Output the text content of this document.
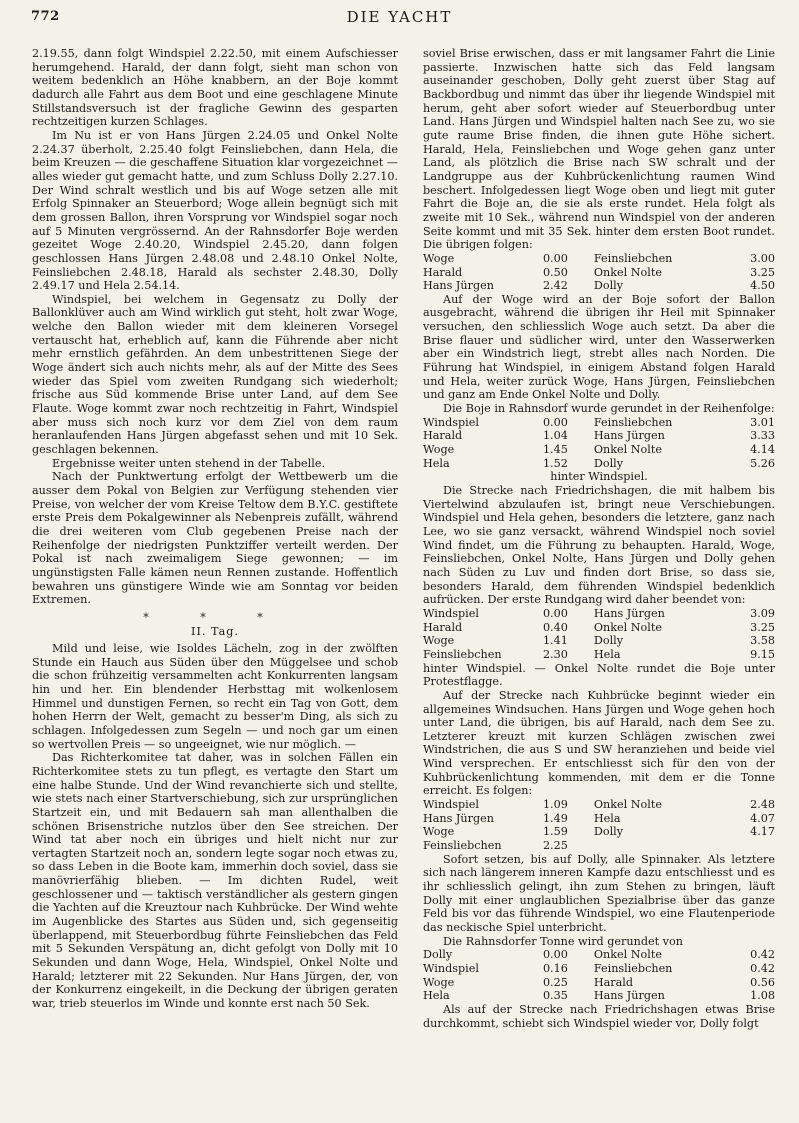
772	DIE YACHT

2.19.55, dann folgt Windspiel 2.22.50, mit einem Aufschiesser herumgehend. Harald, der dann folgt, sieht man schon von weitem bedenklich an Höhe knabbern, an der Boje kommt dadurch alle Fahrt aus dem Boot und eine geschlagene Minute Stillstandsversuch ist der fragliche Gewinn des gesparten rechtzeitigen kurzen Schlages.

Im Nu ist er von Hans Jürgen 2.24.05 und Onkel Nolte 2.24.37 überholt, 2.25.40 folgt Feinsliebchen, dann Hela, die beim Kreuzen — die geschaffene Situation klar vorgezeichnet — alles wieder gut gemacht hatte, und zum Schluss Dolly 2.27.10. Der Wind schralt westlich und bis auf Woge setzen alle mit Erfolg Spinnaker an Steuerbord; Woge allein begnügt sich mit dem grossen Ballon, ihren Vorsprung vor Windspiel sogar noch auf 5 Minuten vergrössernd. An der Rahnsdorfer Boje werden gezeitet Woge 2.40.20, Windspiel 2.45.20, dann folgen geschlossen Hans Jürgen 2.48.08 und 2.48.10 Onkel Nolte, Feinsliebchen 2.48.18, Harald als sechster 2.48.30, Dolly 2.49.17 und Hela 2.54.14.

Windspiel, bei welchem in Gegensatz zu Dolly der Ballonklüver auch am Wind wirklich gut steht, holt zwar Woge, welche den Ballon wieder mit dem kleineren Vorsegel vertauscht hat, erheblich auf, kann die Führende aber nicht mehr ernstlich gefährden. An dem unbestrittenen Siege der Woge ändert sich auch nichts mehr, als auf der Mitte des Sees wieder das Spiel vom zweiten Rundgang sich wiederholt; frische aus Süd kommende Brise unter Land, auf dem See Flaute. Woge kommt zwar noch rechtzeitig in Fahrt, Windspiel aber muss sich noch kurz vor dem Ziel von dem raum heranlaufenden Hans Jürgen abgefasst sehen und mit 10 Sek. geschlagen bekennen.

Ergebnisse weiter unten stehend in der Tabelle.

Nach der Punktwertung erfolgt der Wettbewerb um die ausser dem Pokal von Belgien zur Verfügung stehenden vier Preise, von welcher der vom Kreise Teltow dem B.Y.C. gestiftete erste Preis dem Pokalgewinner als Nebenpreis zufällt, während die drei weiteren vom Club gegebenen Preise nach der Reihenfolge der niedrigsten Punktziffer verteilt werden. Der Pokal ist nach zweimaligem Siege gewonnen; — im ungünstigsten Falle kämen neun Rennen zustande. Hoffentlich bewahren uns günstigere Winde wie am Sonntag vor beiden Extremen.

* * *
II. Tag.

Mild und leise, wie Isoldes Lächeln, zog in der zwölften Stunde ein Hauch aus Süden über den Müggelsee und schob die schon frühzeitig versammelten acht Konkurrenten langsam hin und her. Ein blendender Herbsttag mit wolkenlosem Himmel und dunstigen Fernen, so recht ein Tag von Gott, dem hohen Herrn der Welt, gemacht zu besser'm Ding, als sich zu schlagen. Infolgedessen zum Segeln — und noch gar um einen so wertvollen Preis — so ungeeignet, wie nur möglich. —

Das Richterkomitee tat daher, was in solchen Fällen ein Richterkomitee stets zu tun pflegt, es vertagte den Start um eine halbe Stunde. Und der Wind revanchierte sich und stellte, wie stets nach einer Startverschiebung, sich zur ursprünglichen Startzeit ein, und mit Bedauern sah man allenthalben die schönen Brisenstriche nutzlos über den See streichen. Der Wind tat aber noch ein übriges und hielt nicht nur zur vertagten Startzeit noch an, sondern legte sogar noch etwas zu, so dass Leben in die Boote kam, immerhin doch soviel, dass sie manövrierfähig blieben. — Im dichten Rudel, weit geschlossener und — taktisch verständlicher als gestern gingen die Yachten auf die Kreuztour nach Kuhbrücke. Der Wind wehte im Augenblicke des Startes aus Süden und, sich gegenseitig überlappend, mit Steuerbordbug führte Feinsliebchen das Feld mit 5 Sekunden Verspätung an, dicht gefolgt von Dolly mit 10 Sekunden und dann Woge, Hela, Windspiel, Onkel Nolte und Harald; letzterer mit 22 Sekunden. Nur Hans Jürgen, der, von der Konkurrenz eingekeilt, in die Deckung der übrigen geraten war, trieb steuerlos im Winde und konnte erst nach 50 Sek.

soviel Brise erwischen, dass er mit langsamer Fahrt die Linie passierte. Inzwischen hatte sich das Feld langsam auseinander geschoben, Dolly geht zuerst über Stag auf Backbordbug und nimmt das über ihr liegende Windspiel mit herum, geht aber sofort wieder auf Steuerbordbug unter Land. Hans Jürgen und Windspiel halten nach See zu, wo sie gute raume Brise finden, die ihnen gute Höhe sichert. Harald, Hela, Feinsliebchen und Woge gehen ganz unter Land, als plötzlich die Brise nach SW schralt und der Landgruppe aus der Kuhbrückenlichtung raumen Wind beschert. Infolgedessen liegt Woge oben und liegt mit guter Fahrt die Boje an, die sie als erste rundet. Hela folgt als zweite mit 10 Sek., während nun Windspiel von der anderen Seite kommt und mit 35 Sek. hinter dem ersten Boot rundet. Die übrigen folgen:

Woge	0.00	Feinsliebchen	3.00
Harald	0.50	Onkel Nolte	3.25
Hans Jürgen	2.42	Dolly	4.50

Auf der Woge wird an der Boje sofort der Ballon ausgebracht, während die übrigen ihr Heil mit Spinnaker versuchen, den schliesslich Woge auch setzt. Da aber die Brise flauer und südlicher wird, unter den Wasserwerken aber ein Windstrich liegt, strebt alles nach Norden. Die Führung hat Windspiel, in einigem Abstand folgen Harald und Hela, weiter zurück Woge, Hans Jürgen, Feinsliebchen und ganz am Ende Onkel Nolte und Dolly.

Die Boje in Rahnsdorf wurde gerundet in der Reihenfolge:

Windspiel	0.00	Feinsliebchen	3.01
Harald	1.04	Hans Jürgen	3.33
Woge	1.45	Onkel Nolte	4.14
Hela	1.52	Dolly	5.26

hinter Windspiel.

Die Strecke nach Friedrichshagen, die mit halbem bis Viertelwind abzulaufen ist, bringt neue Verschiebungen. Windspiel und Hela gehen, besonders die letztere, ganz nach Lee, wo sie ganz versackt, während Windspiel noch soviel Wind findet, um die Führung zu behaupten. Harald, Woge, Feinsliebchen, Onkel Nolte, Hans Jürgen und Dolly gehen nach Süden zu Luv und finden dort Brise, so dass sie, besonders Harald, dem führenden Windspiel bedenklich aufrücken. Der erste Rundgang wird daher beendet von:

Windspiel	0.00	Hans Jürgen	3.09
Harald	0.40	Onkel Nolte	3.25
Woge	1.41	Dolly	3.58
Feinsliebchen	2.30	Hela	9.15

hinter Windspiel. — Onkel Nolte rundet die Boje unter Protestflagge.

Auf der Strecke nach Kuhbrücke beginnt wieder ein allgemeines Windsuchen. Hans Jürgen und Woge gehen hoch unter Land, die übrigen, bis auf Harald, nach dem See zu. Letzterer kreuzt mit kurzen Schlägen zwischen zwei Windstrichen, die aus S und SW heranziehen und beide viel Wind versprechen. Er entschliesst sich für den von der Kuhbrückenlichtung kommenden, mit dem er die Tonne erreicht. Es folgen:

Windspiel	1.09	Onkel Nolte	2.48
Hans Jürgen	1.49	Hela	4.07
Woge	1.59	Dolly	4.17
Feinsliebchen	2.25		

Sofort setzen, bis auf Dolly, alle Spinnaker. Als letztere sich nach längerem inneren Kampfe dazu entschliesst und es ihr schliesslich gelingt, ihn zum Stehen zu bringen, läuft Dolly mit einer unglaublichen Spezialbrise über das ganze Feld bis vor das führende Windspiel, wo eine Flautenperiode das neckische Spiel unterbricht.

Die Rahnsdorfer Tonne wird gerundet von

Dolly	0.00	Onkel Nolte	0.42
Windspiel	0.16	Feinsliebchen	0.42
Woge	0.25	Harald	0.56
Hela	0.35	Hans Jürgen	1.08

Als auf der Strecke nach Friedrichshagen etwas Brise durchkommt, schiebt sich Windspiel wieder vor, Dolly folgt
